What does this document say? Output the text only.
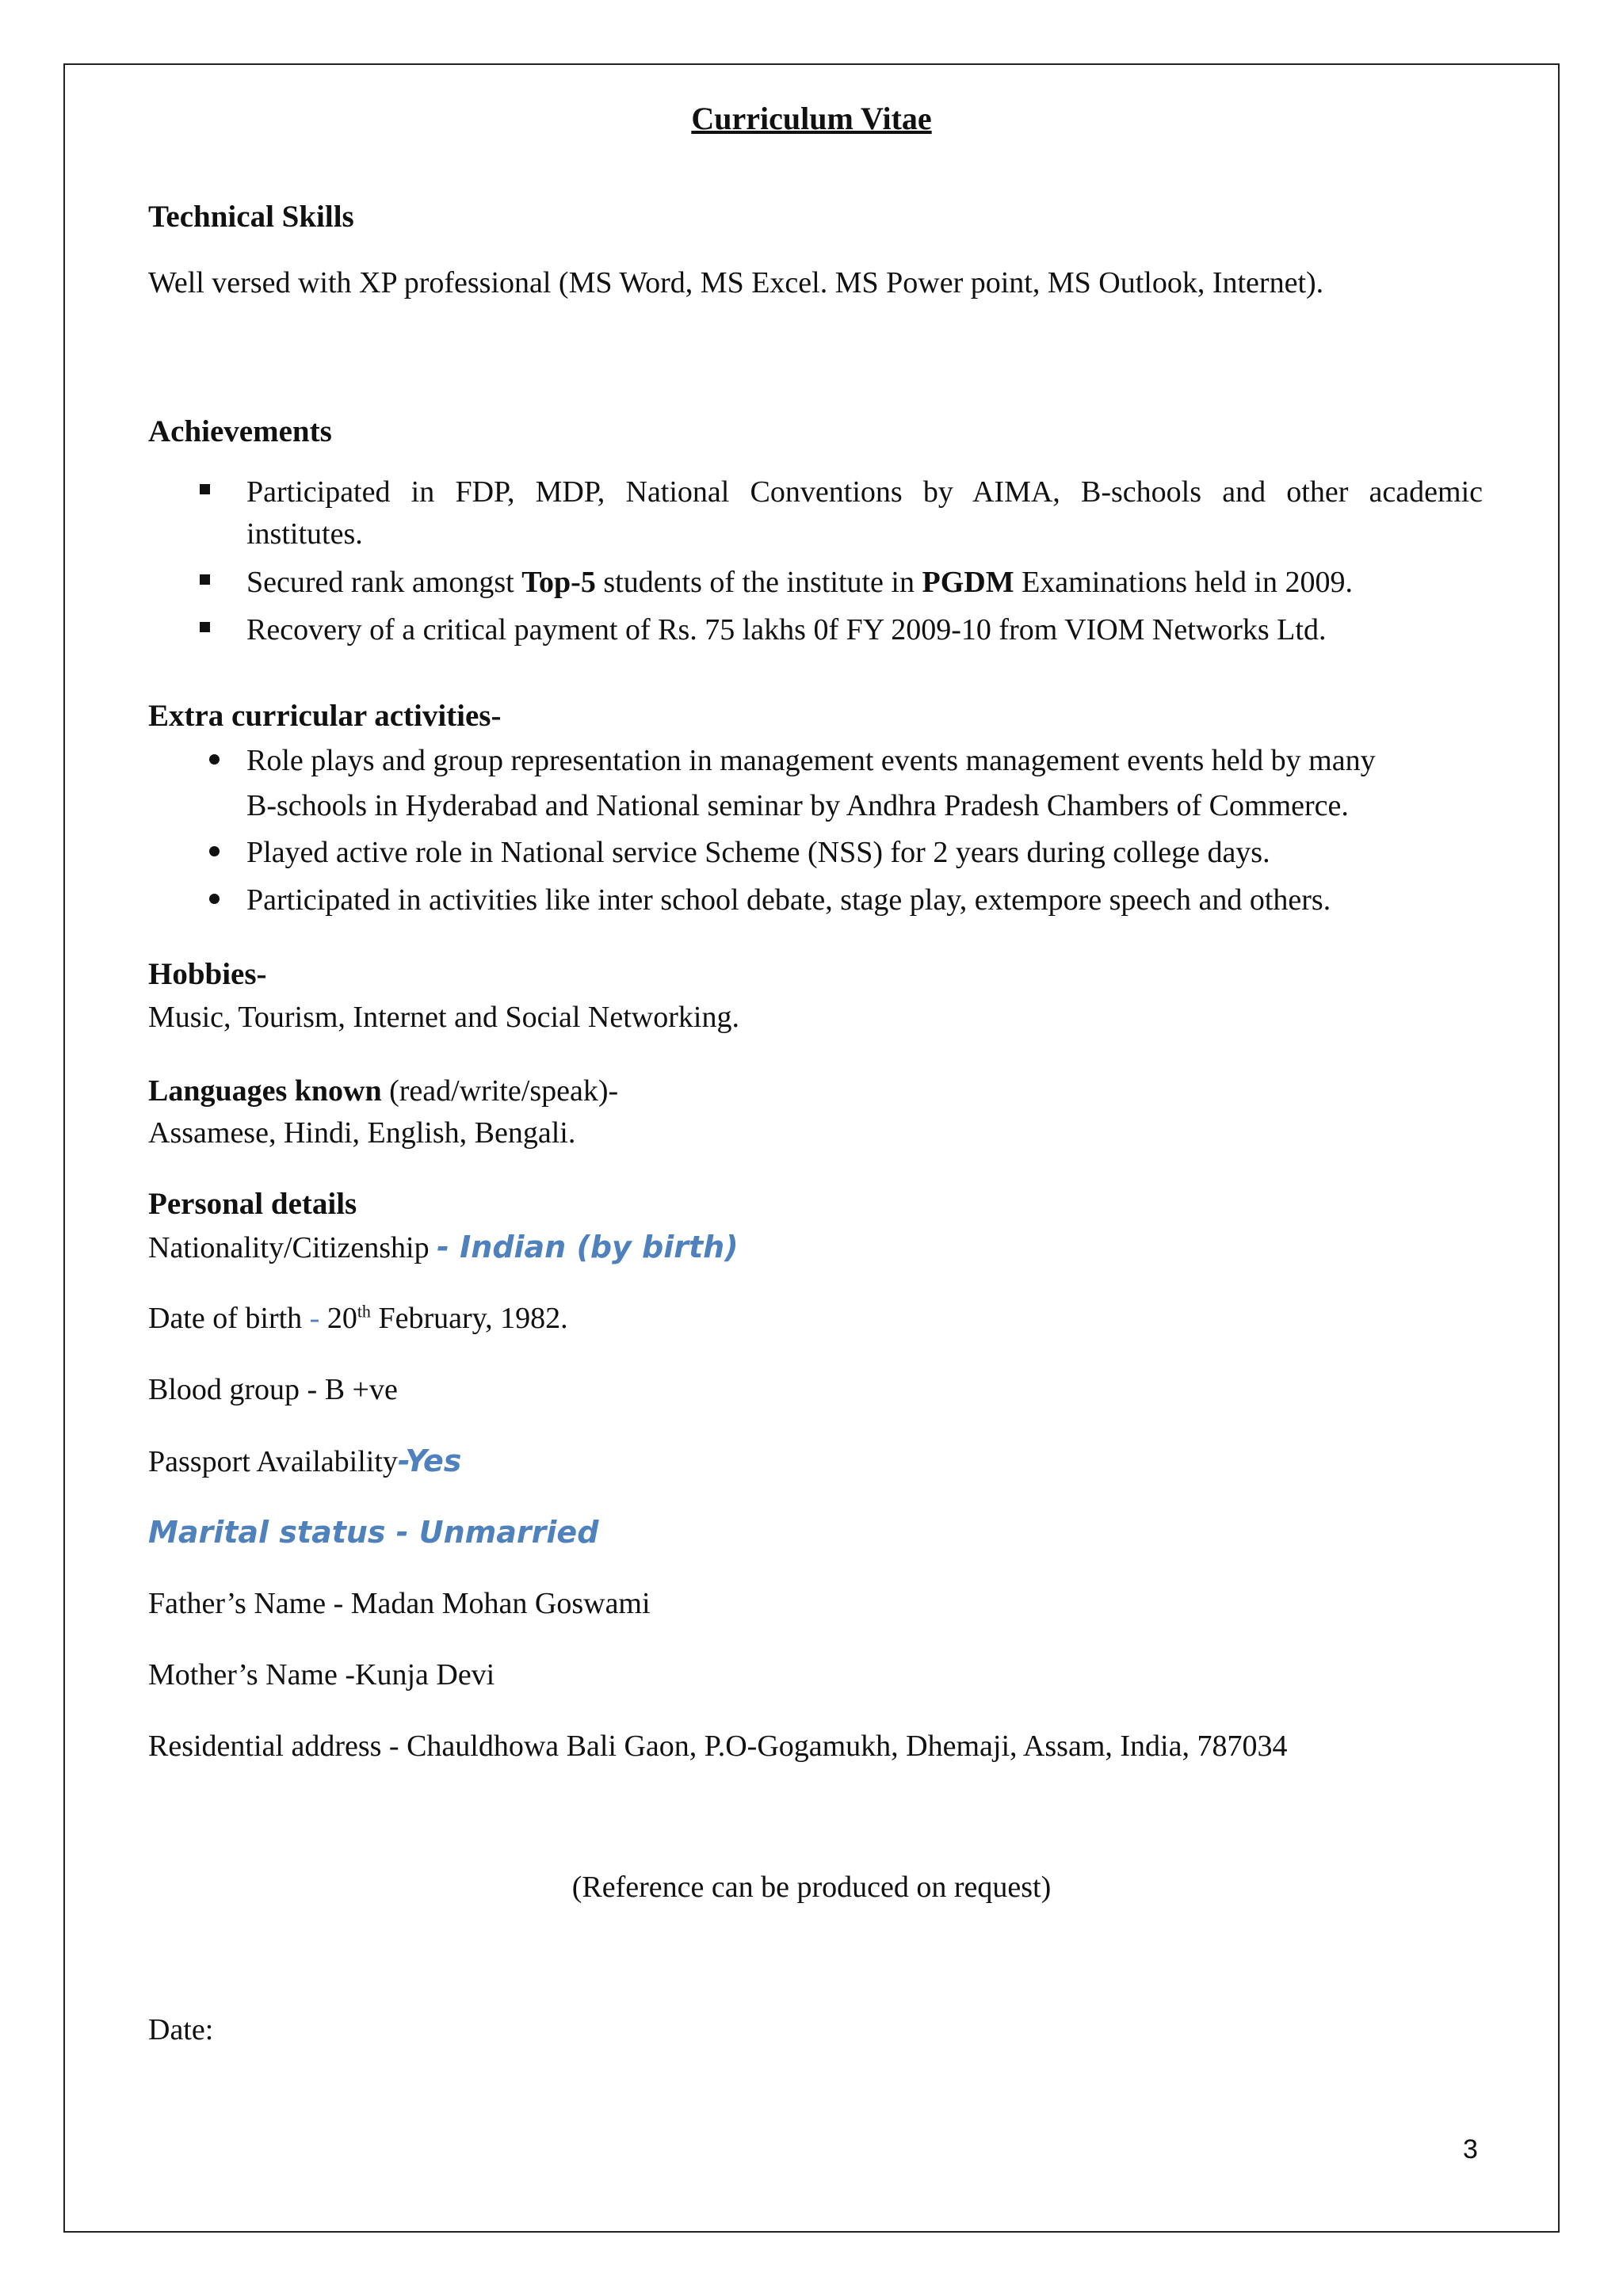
Curriculum Vitae
Technical Skills
Well versed with XP professional (MS Word, MS Excel. MS Power point, MS Outlook, Internet).
Achievements
Participated in FDP, MDP, National Conventions by AIMA, B-schools and other academic
institutes.
Secured rank amongst Top-5 students of the institute in PGDM Examinations held in 2009.
Recovery of a critical payment of Rs. 75 lakhs 0f FY 2009-10 from VIOM Networks Ltd.
Extra curricular activities-
Role plays and group representation in management events management events held by many
B-schools in Hyderabad and National seminar by Andhra Pradesh Chambers of Commerce.
Played active role in National service Scheme (NSS) for 2 years during college days.
Participated in activities like inter school debate, stage play, extempore speech and others.
Hobbies-
Music, Tourism, Internet and Social Networking.
Languages known (read/write/speak)-
Assamese, Hindi, English, Bengali.
Personal details
Nationality/Citizenship - Indian (by birth)
Date of birth - 20th February, 1982.
Blood group - B +ve
Passport Availability-Yes
Marital status - Unmarried
Father’s Name - Madan Mohan Goswami
Mother’s Name -Kunja Devi
Residential address - Chauldhowa Bali Gaon, P.O-Gogamukh, Dhemaji, Assam, India, 787034
(Reference can be produced on request)
Date:
3
